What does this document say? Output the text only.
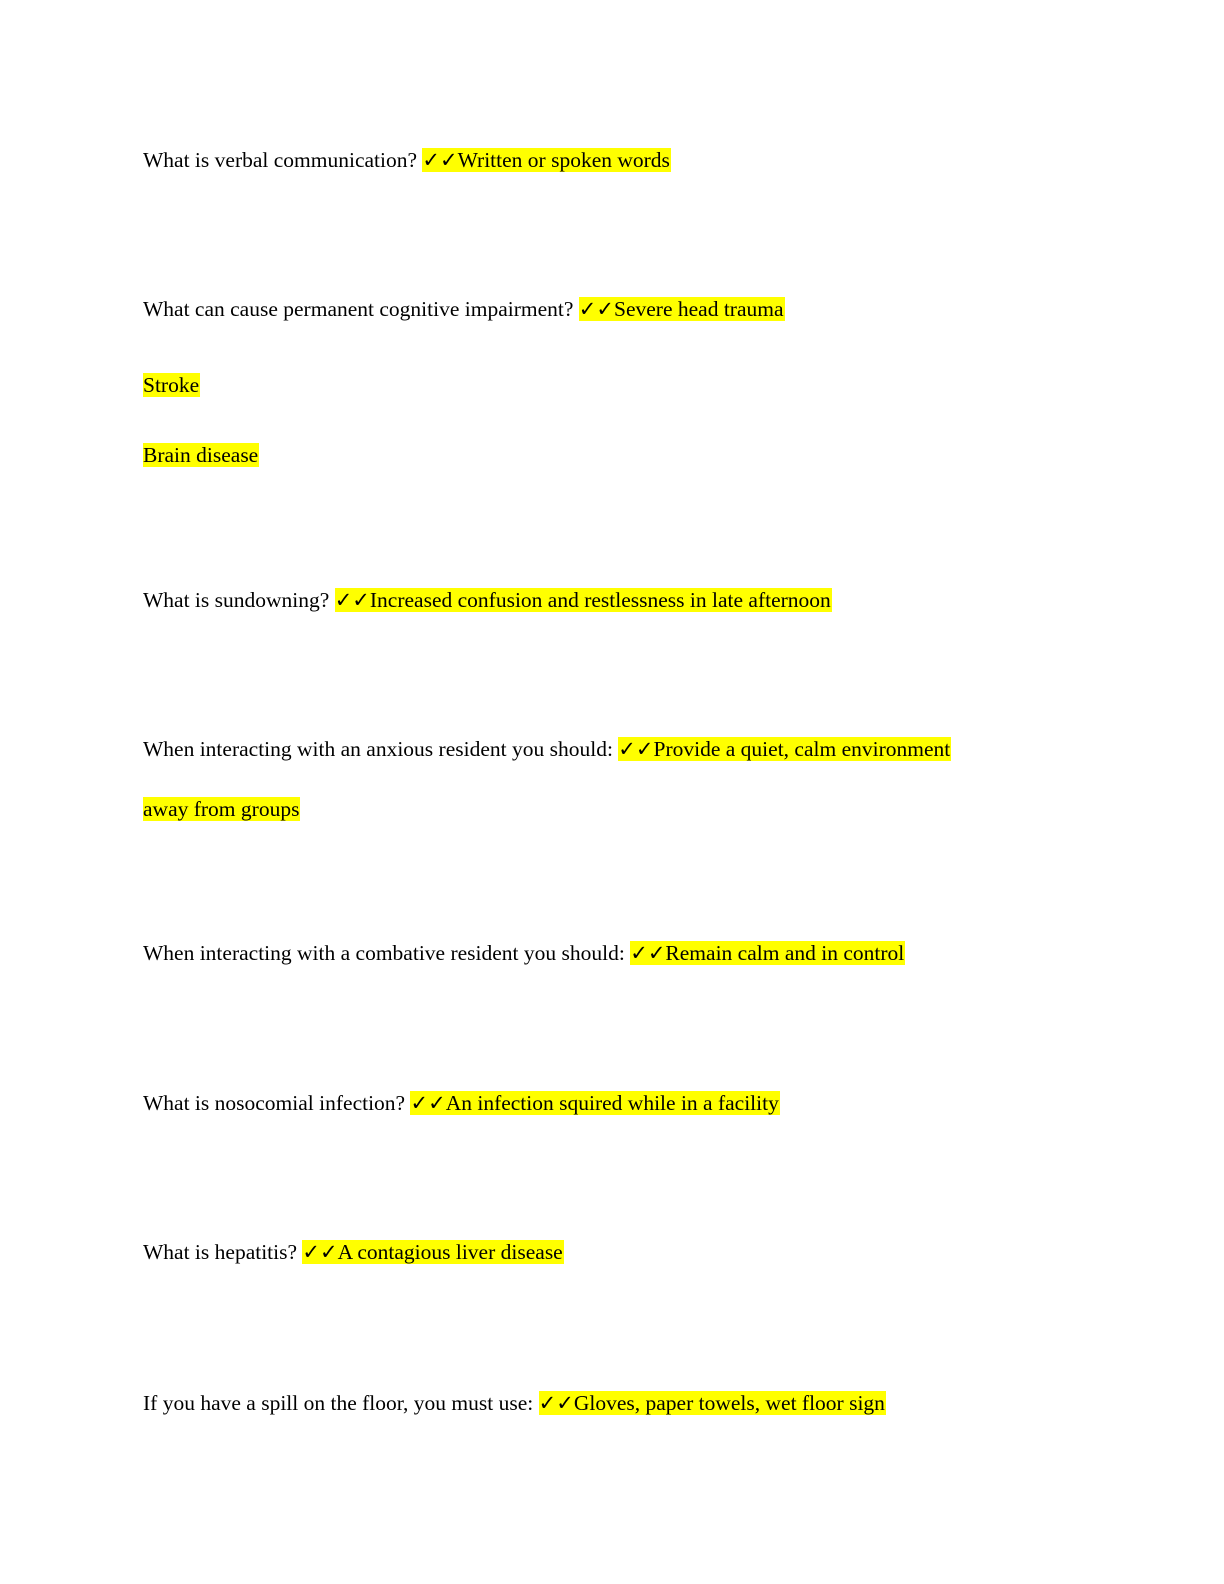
What is verbal communication? ✓✓Written or spoken words
What can cause permanent cognitive impairment? ✓✓Severe head trauma
Stroke
Brain disease
What is sundowning? ✓✓Increased confusion and restlessness in late afternoon
When interacting with an anxious resident you should: ✓✓Provide a quiet, calm environment
away from groups
When interacting with a combative resident you should: ✓✓Remain calm and in control
What is nosocomial infection? ✓✓An infection squired while in a facility
What is hepatitis? ✓✓A contagious liver disease
If you have a spill on the floor, you must use: ✓✓Gloves, paper towels, wet floor sign
